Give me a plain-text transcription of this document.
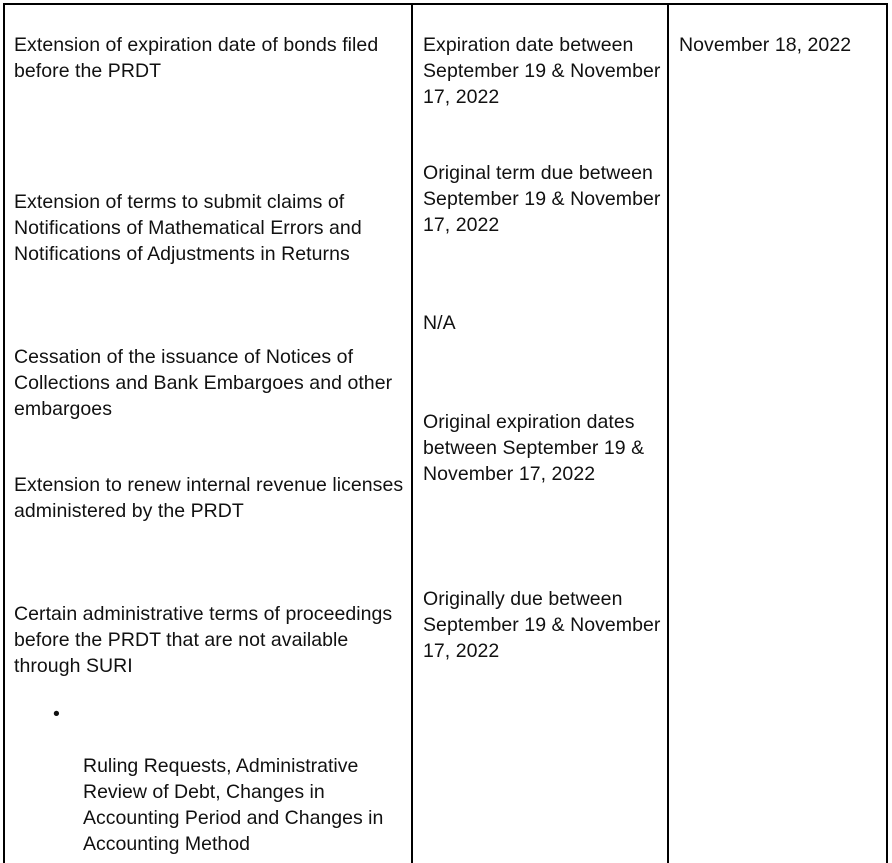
Extension of expiration date of bonds filed before the PRDT
Extension of terms to submit claims of Notifications of Mathematical Errors and Notifications of Adjustments in Returns
Cessation of the issuance of Notices of Collections and Bank Embargoes and other embargoes
Extension to renew internal revenue licenses administered by the PRDT
Certain administrative terms of proceedings before the PRDT that are not available through SURI

•

Ruling Requests, Administrative Review of Debt, Changes in Accounting Period and Changes in Accounting Method

Expiration date between September 19 & November 17, 2022
Original term due between September 19 & November 17, 2022
N/A
Original expiration dates between September 19 & November 17, 2022
Originally due between September 19 & November 17, 2022
November 18, 2022
